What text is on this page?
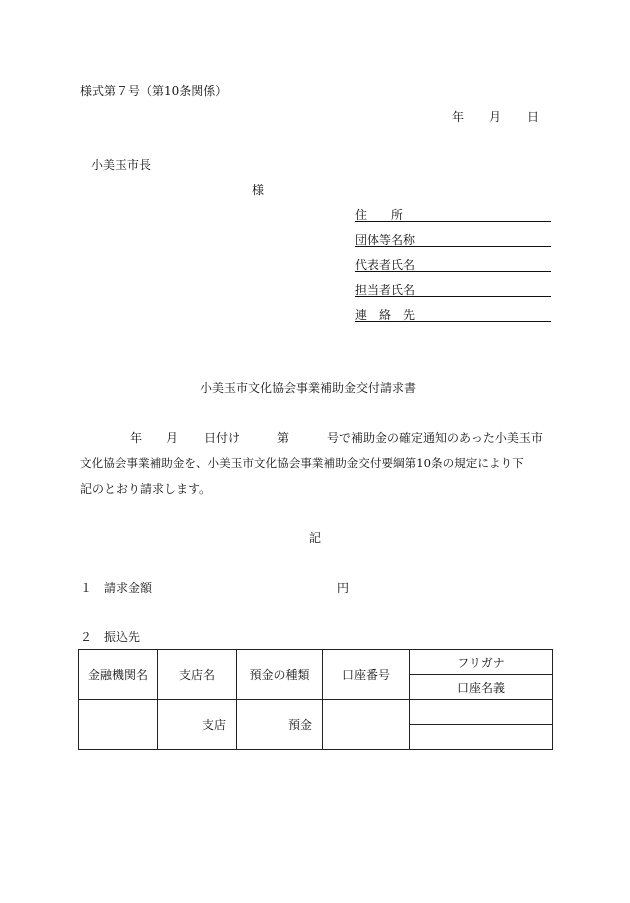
様式第７号（第10条関係）
年 月 日
小美玉市長
様
住　　所
団体等名称
代表者氏名
担当者氏名
連　絡　先
小美玉市文化協会事業補助金交付請求書
年 月 日付け	第	号で補助金の確定通知のあった小美玉市
文化協会事業補助金を、小美玉市文化協会事業補助金交付要綱第10条の規定により下
記のとおり請求します。
記
１ 請求金額	円
２ 振込先
金融機関名	支店名	預金の種類	口座番号	フリガナ
				口座名義
	支店	預金		
